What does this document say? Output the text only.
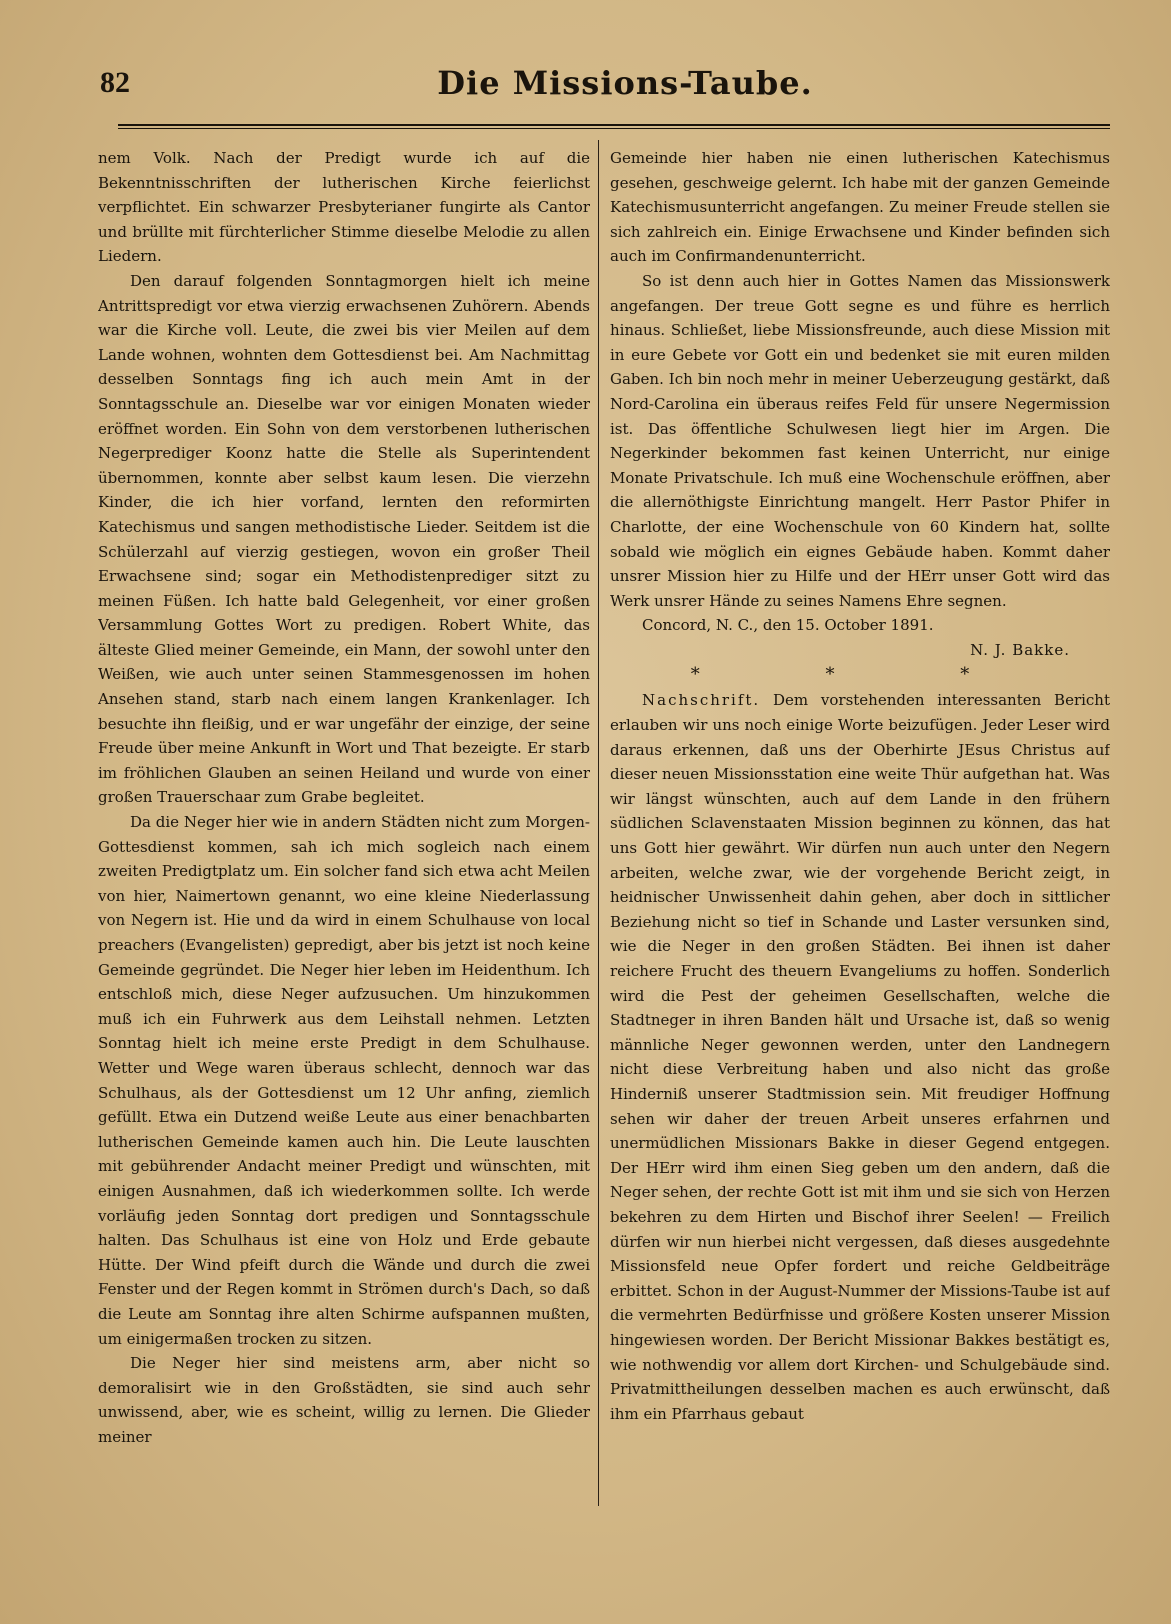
82	Die Missions-Taube.

nem Volk. Nach der Predigt wurde ich auf die Bekenntnisschriften der lutherischen Kirche feierlichst verpflichtet. Ein schwarzer Presbyterianer fungirte als Cantor und brüllte mit fürchterlicher Stimme dieselbe Melodie zu allen Liedern.

Den darauf folgenden Sonntagmorgen hielt ich meine Antrittspredigt vor etwa vierzig erwachsenen Zuhörern. Abends war die Kirche voll. Leute, die zwei bis vier Meilen auf dem Lande wohnen, wohnten dem Gottesdienst bei. Am Nachmittag desselben Sonntags fing ich auch mein Amt in der Sonntagsschule an. Dieselbe war vor einigen Monaten wieder eröffnet worden. Ein Sohn von dem verstorbenen lutherischen Negerprediger Koonz hatte die Stelle als Superintendent übernommen, konnte aber selbst kaum lesen. Die vierzehn Kinder, die ich hier vorfand, lernten den reformirten Katechismus und sangen methodistische Lieder. Seitdem ist die Schülerzahl auf vierzig gestiegen, wovon ein großer Theil Erwachsene sind; sogar ein Methodistenprediger sitzt zu meinen Füßen. Ich hatte bald Gelegenheit, vor einer großen Versammlung Gottes Wort zu predigen. Robert White, das älteste Glied meiner Gemeinde, ein Mann, der sowohl unter den Weißen, wie auch unter seinen Stammesgenossen im hohen Ansehen stand, starb nach einem langen Krankenlager. Ich besuchte ihn fleißig, und er war ungefähr der einzige, der seine Freude über meine Ankunft in Wort und That bezeigte. Er starb im fröhlichen Glauben an seinen Heiland und wurde von einer großen Trauerschaar zum Grabe begleitet.

Da die Neger hier wie in andern Städten nicht zum Morgen-Gottesdienst kommen, sah ich mich sogleich nach einem zweiten Predigtplatz um. Ein solcher fand sich etwa acht Meilen von hier, Naimertown genannt, wo eine kleine Niederlassung von Negern ist. Hie und da wird in einem Schulhause von local preachers (Evangelisten) gepredigt, aber bis jetzt ist noch keine Gemeinde gegründet. Die Neger hier leben im Heidenthum. Ich entschloß mich, diese Neger aufzusuchen. Um hinzukommen muß ich ein Fuhrwerk aus dem Leihstall nehmen. Letzten Sonntag hielt ich meine erste Predigt in dem Schulhause. Wetter und Wege waren überaus schlecht, dennoch war das Schulhaus, als der Gottesdienst um 12 Uhr anfing, ziemlich gefüllt. Etwa ein Dutzend weiße Leute aus einer benachbarten lutherischen Gemeinde kamen auch hin. Die Leute lauschten mit gebührender Andacht meiner Predigt und wünschten, mit einigen Ausnahmen, daß ich wiederkommen sollte. Ich werde vorläufig jeden Sonntag dort predigen und Sonntagsschule halten. Das Schulhaus ist eine von Holz und Erde gebaute Hütte. Der Wind pfeift durch die Wände und durch die zwei Fenster und der Regen kommt in Strömen durch's Dach, so daß die Leute am Sonntag ihre alten Schirme aufspannen mußten, um einigermaßen trocken zu sitzen.

Die Neger hier sind meistens arm, aber nicht so demoralisirt wie in den Großstädten, sie sind auch sehr unwissend, aber, wie es scheint, willig zu lernen. Die Glieder meiner

Gemeinde hier haben nie einen lutherischen Katechismus gesehen, geschweige gelernt. Ich habe mit der ganzen Gemeinde Katechismusunterricht angefangen. Zu meiner Freude stellen sie sich zahlreich ein. Einige Erwachsene und Kinder befinden sich auch im Confirmandenunterricht.

So ist denn auch hier in Gottes Namen das Missionswerk angefangen. Der treue Gott segne es und führe es herrlich hinaus. Schließet, liebe Missionsfreunde, auch diese Mission mit in eure Gebete vor Gott ein und bedenket sie mit euren milden Gaben. Ich bin noch mehr in meiner Ueberzeugung gestärkt, daß Nord-Carolina ein überaus reifes Feld für unsere Negermission ist. Das öffentliche Schulwesen liegt hier im Argen. Die Negerkinder bekommen fast keinen Unterricht, nur einige Monate Privatschule. Ich muß eine Wochenschule eröffnen, aber die allernöthigste Einrichtung mangelt. Herr Pastor Phifer in Charlotte, der eine Wochenschule von 60 Kindern hat, sollte sobald wie möglich ein eignes Gebäude haben. Kommt daher unsrer Mission hier zu Hilfe und der HErr unser Gott wird das Werk unsrer Hände zu seines Namens Ehre segnen.

Concord, N. C., den 15. October 1891.

N. J. Bakke.

* * *

Nachschrift. Dem vorstehenden interessanten Bericht erlauben wir uns noch einige Worte beizufügen. Jeder Leser wird daraus erkennen, daß uns der Oberhirte JEsus Christus auf dieser neuen Missionsstation eine weite Thür aufgethan hat. Was wir längst wünschten, auch auf dem Lande in den frühern südlichen Sclavenstaaten Mission beginnen zu können, das hat uns Gott hier gewährt. Wir dürfen nun auch unter den Negern arbeiten, welche zwar, wie der vorgehende Bericht zeigt, in heidnischer Unwissenheit dahin gehen, aber doch in sittlicher Beziehung nicht so tief in Schande und Laster versunken sind, wie die Neger in den großen Städten. Bei ihnen ist daher reichere Frucht des theuern Evangeliums zu hoffen. Sonderlich wird die Pest der geheimen Gesellschaften, welche die Stadtneger in ihren Banden hält und Ursache ist, daß so wenig männliche Neger gewonnen werden, unter den Landnegern nicht diese Verbreitung haben und also nicht das große Hinderniß unserer Stadtmission sein. Mit freudiger Hoffnung sehen wir daher der treuen Arbeit unseres erfahrnen und unermüdlichen Missionars Bakke in dieser Gegend entgegen. Der HErr wird ihm einen Sieg geben um den andern, daß die Neger sehen, der rechte Gott ist mit ihm und sie sich von Herzen bekehren zu dem Hirten und Bischof ihrer Seelen! — Freilich dürfen wir nun hierbei nicht vergessen, daß dieses ausgedehnte Missionsfeld neue Opfer fordert und reiche Geldbeiträge erbittet. Schon in der August-Nummer der Missions-Taube ist auf die vermehrten Bedürfnisse und größere Kosten unserer Mission hingewiesen worden. Der Bericht Missionar Bakkes bestätigt es, wie nothwendig vor allem dort Kirchen- und Schulgebäude sind. Privatmittheilungen desselben machen es auch erwünscht, daß ihm ein Pfarrhaus gebaut
